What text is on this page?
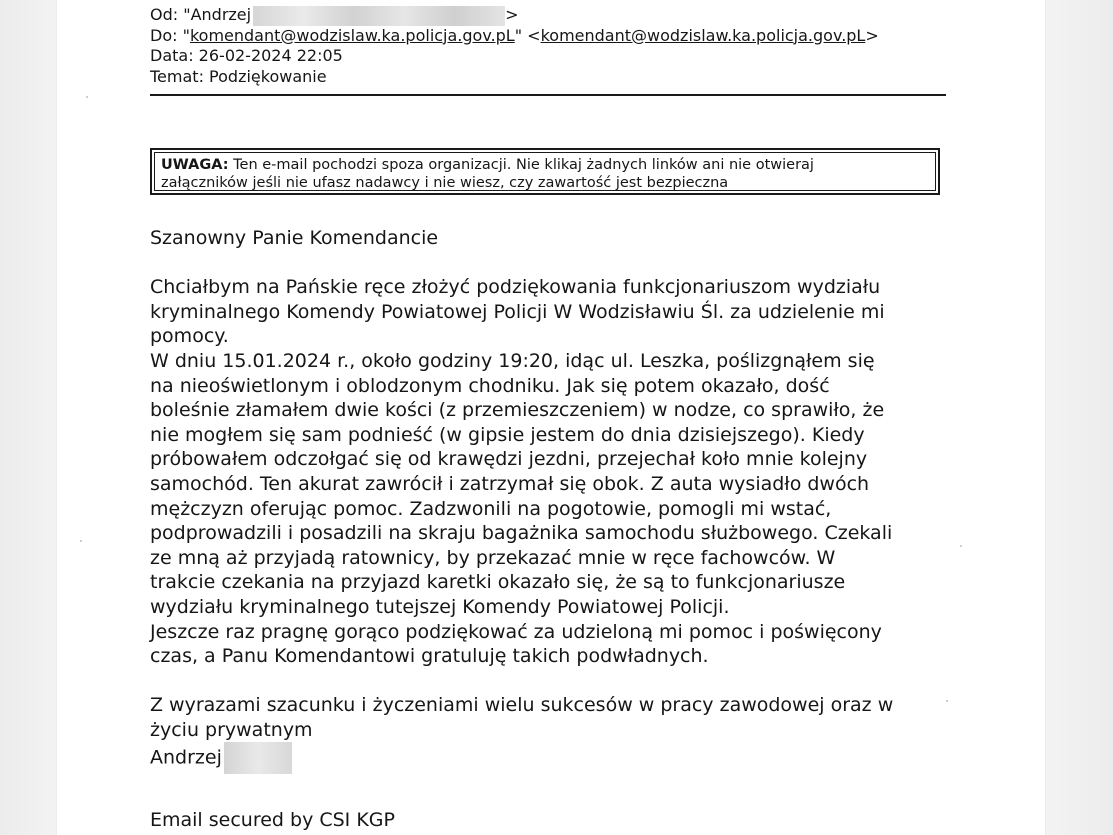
Od: "Andrzej	>
Do: "komendant@wodzislaw.ka.policja.gov.pL" <komendant@wodzislaw.ka.policja.gov.pL>
Data: 26-02-2024 22:05
Temat: Podziękowanie
UWAGA: Ten e-mail pochodzi spoza organizacji. Nie klikaj żadnych linków ani nie otwieraj
załączników jeśli nie ufasz nadawcy i nie wiesz, czy zawartość jest bezpieczna
Szanowny Panie Komendancie
Chciałbym na Pańskie ręce złożyć podziękowania funkcjonariuszom wydziału
kryminalnego Komendy Powiatowej Policji W Wodzisławiu Śl. za udzielenie mi
pomocy.
W dniu 15.01.2024 r., około godziny 19:20, idąc ul. Leszka, poślizgnąłem się
na nieoświetlonym i oblodzonym chodniku. Jak się potem okazało, dość
boleśnie złamałem dwie kości (z przemieszczeniem) w nodze, co sprawiło, że
nie mogłem się sam podnieść (w gipsie jestem do dnia dzisiejszego). Kiedy
próbowałem odczołgać się od krawędzi jezdni, przejechał koło mnie kolejny
samochód. Ten akurat zawrócił i zatrzymał się obok. Z auta wysiadło dwóch
mężczyzn oferując pomoc. Zadzwonili na pogotowie, pomogli mi wstać,
podprowadzili i posadzili na skraju bagażnika samochodu służbowego. Czekali
ze mną aż przyjadą ratownicy, by przekazać mnie w ręce fachowców. W
trakcie czekania na przyjazd karetki okazało się, że są to funkcjonariusze
wydziału kryminalnego tutejszej Komendy Powiatowej Policji.
Jeszcze raz pragnę gorąco podziękować za udzieloną mi pomoc i poświęcony
czas, a Panu Komendantowi gratuluję takich podwładnych.
Z wyrazami szacunku i życzeniami wielu sukcesów w pracy zawodowej oraz w
życiu prywatnym
Andrzej
Email secured by CSI KGP
